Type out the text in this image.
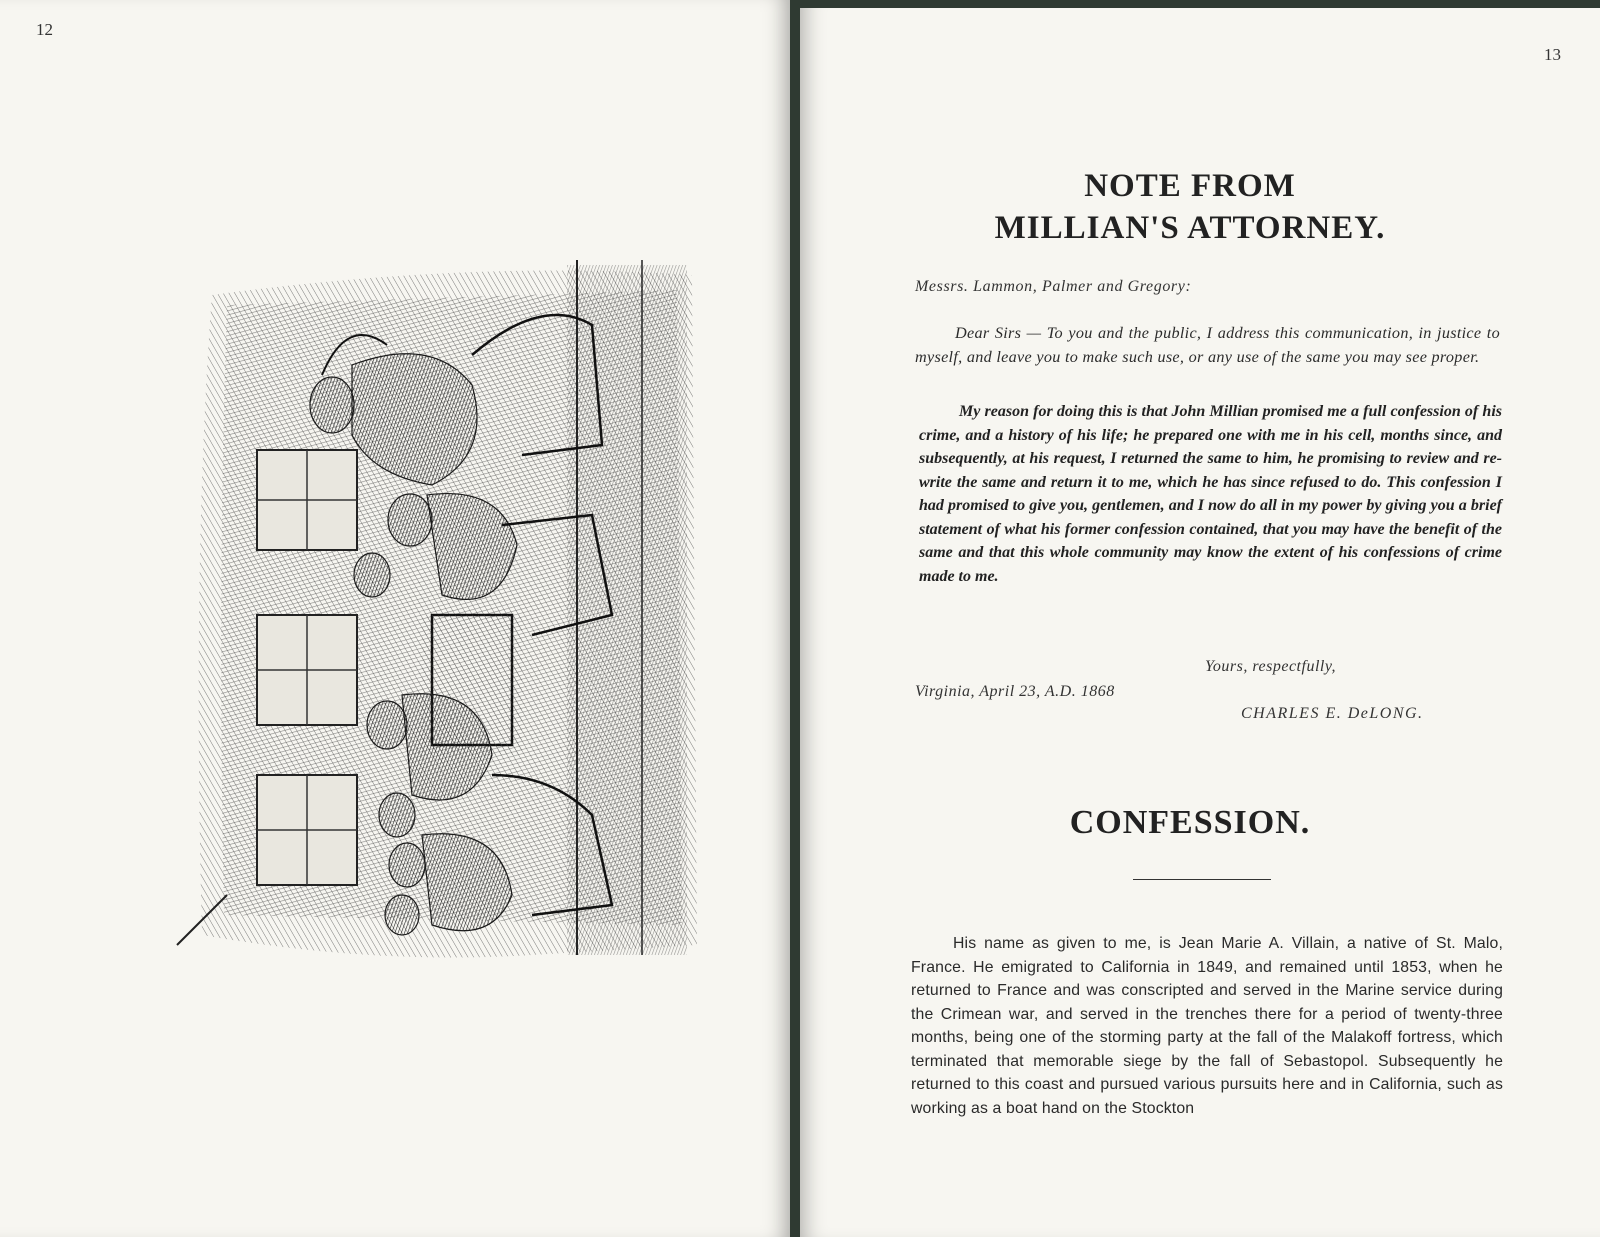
12
13
NOTE FROM
MILLIAN'S ATTORNEY.
Messrs. Lammon, Palmer and Gregory:

Dear Sirs — To you and the public, I address this communication, in justice to myself, and leave you to make such use, or any use of the same you may see proper.

My reason for doing this is that John Millian promised me a full confession of his crime, and a history of his life; he prepared one with me in his cell, months since, and subsequently, at his request, I returned the same to him, he promising to review and re-write the same and return it to me, which he has since refused to do. This confession I had promised to give you, gentlemen, and I now do all in my power by giving you a brief statement of what his former confession contained, that you may have the benefit of the same and that this whole community may know the extent of his confessions of crime made to me.

Yours, respectfully,
Virginia, April 23, A.D. 1868
CHARLES E. DeLONG.
CONFESSION.

His name as given to me, is Jean Marie A. Villain, a native of St. Malo, France. He emigrated to California in 1849, and remained until 1853, when he returned to France and was conscripted and served in the Marine service during the Crimean war, and served in the trenches there for a period of twenty-three months, being one of the storming party at the fall of the Malakoff fortress, which terminated that memorable siege by the fall of Sebastopol. Subsequently he returned to this coast and pursued various pursuits here and in California, such as working as a boat hand on the Stockton
